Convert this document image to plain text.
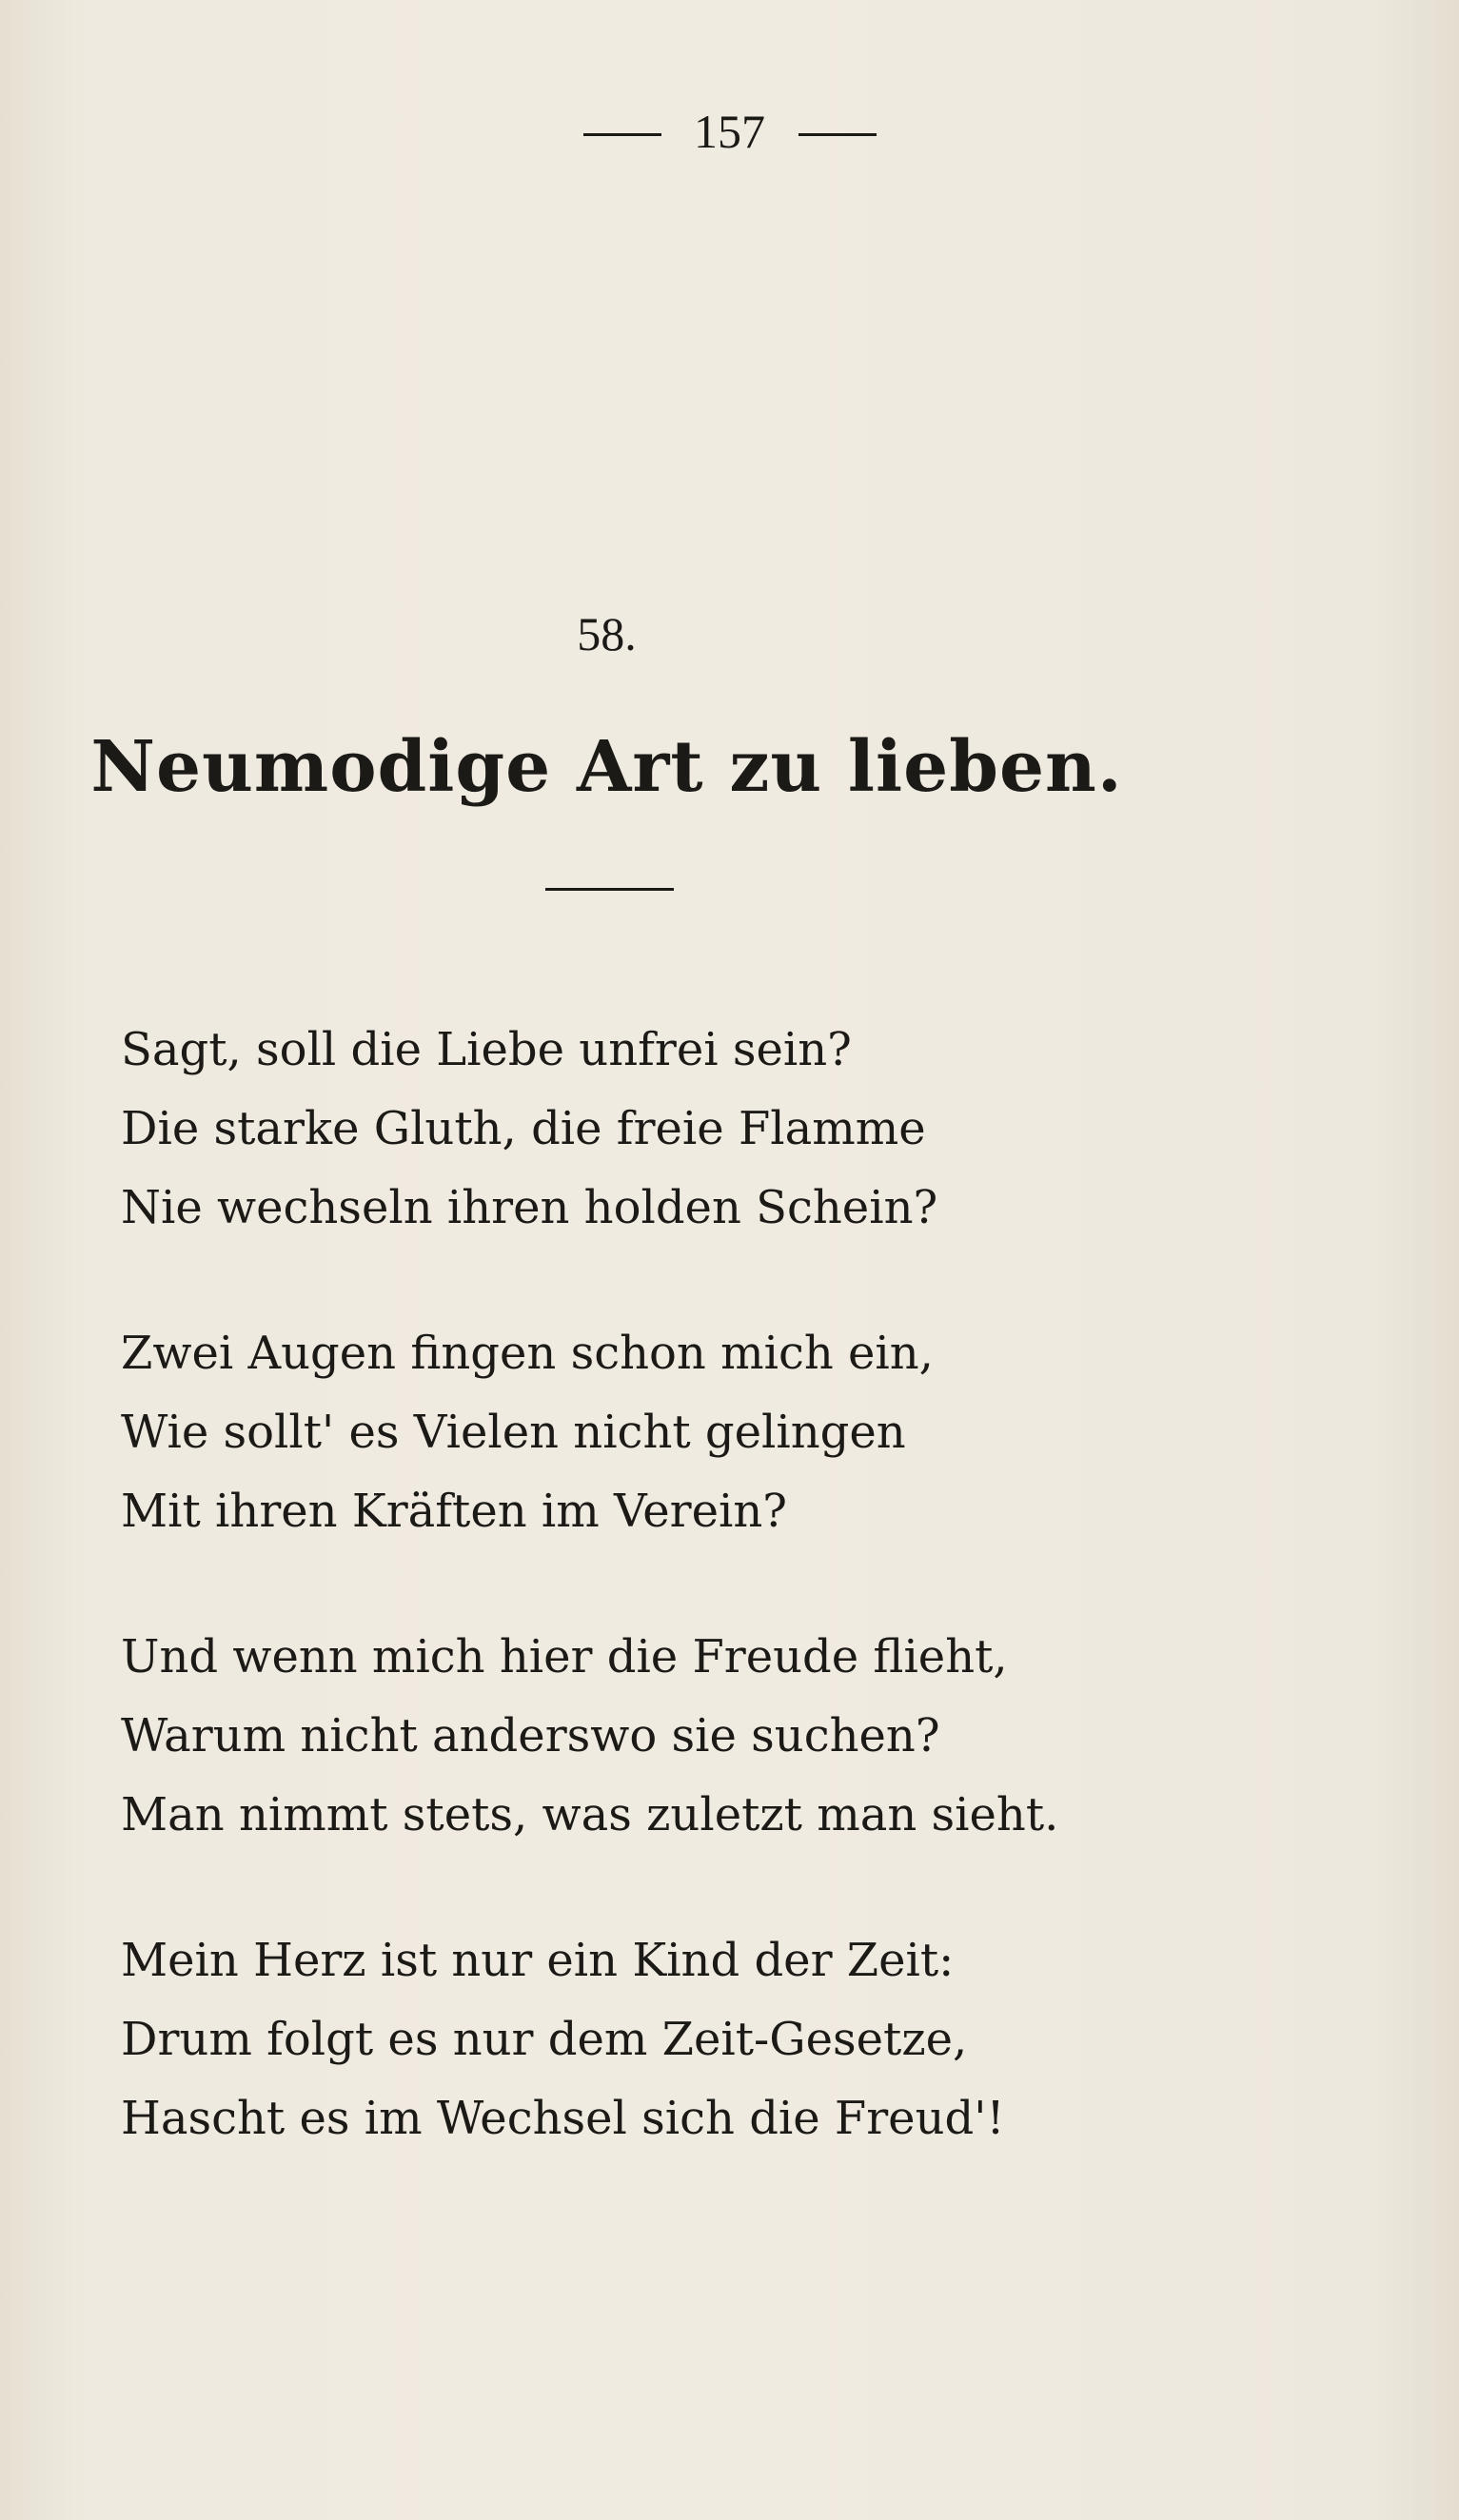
157
58.
Neumodige Art zu lieben.
Sagt, soll die Liebe unfrei sein?
Die starke Gluth, die freie Flamme
Nie wechseln ihren holden Schein?
Zwei Augen fingen schon mich ein,
Wie sollt' es Vielen nicht gelingen
Mit ihren Kräften im Verein?
Und wenn mich hier die Freude flieht,
Warum nicht anderswo sie suchen?
Man nimmt stets, was zuletzt man sieht.
Mein Herz ist nur ein Kind der Zeit:
Drum folgt es nur dem Zeit-Gesetze,
Hascht es im Wechsel sich die Freud'!
